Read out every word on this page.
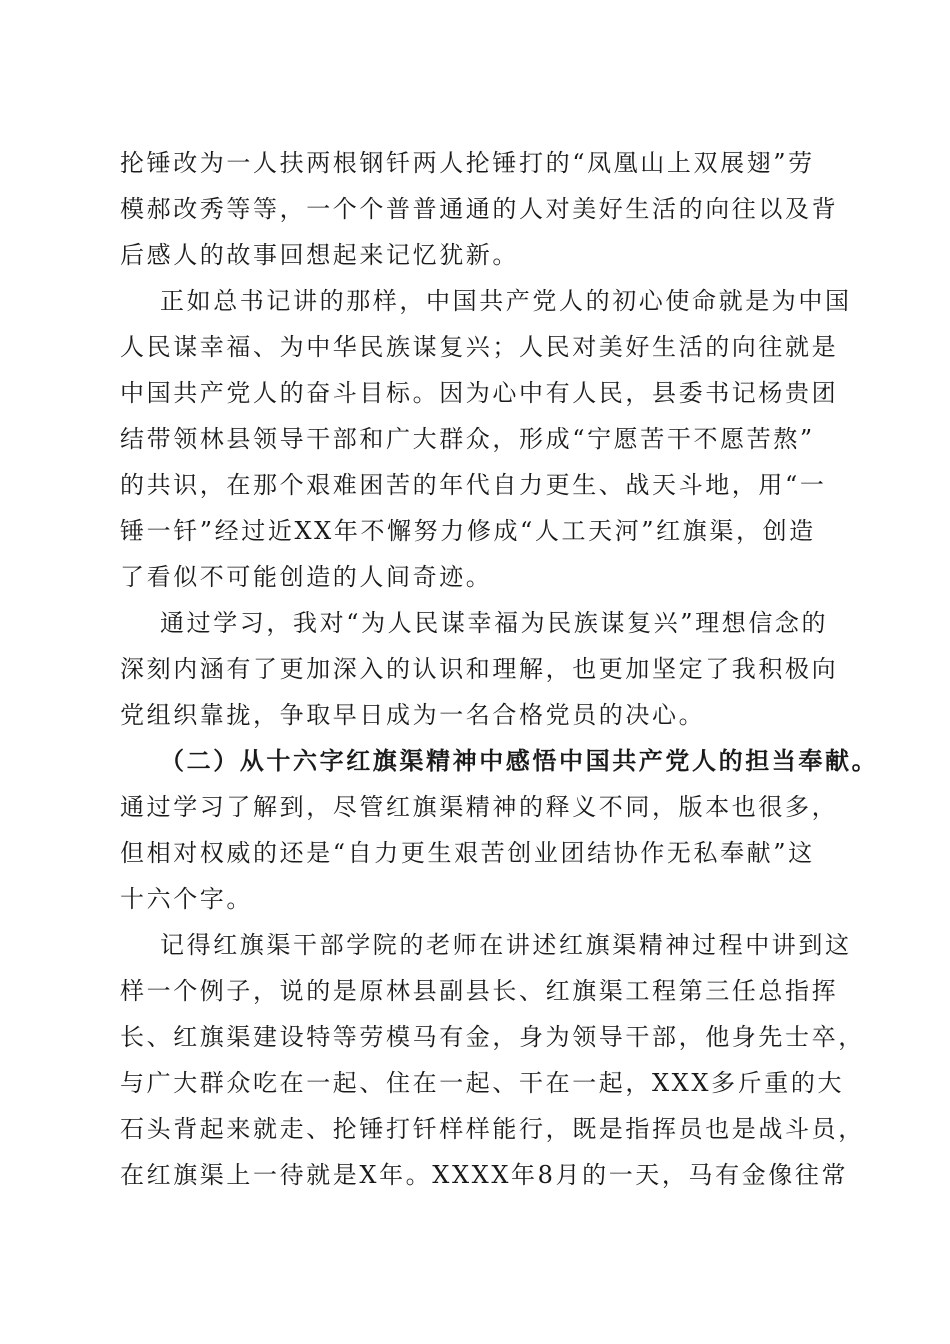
抡锤改为一人扶两根钢钎两人抡锤打的“凤凰山上双展翅”劳
模郝改秀等等，一个个普普通通的人对美好生活的向往以及背
后感人的故事回想起来记忆犹新。
正如总书记讲的那样，中国共产党人的初心使命就是为中国
人民谋幸福、为中华民族谋复兴；人民对美好生活的向往就是
中国共产党人的奋斗目标。因为心中有人民，县委书记杨贵团
结带领林县领导干部和广大群众，形成“宁愿苦干不愿苦熬”
的共识，在那个艰难困苦的年代自力更生、战天斗地，用“一
锤一钎”经过近XX年不懈努力修成“人工天河”红旗渠，创造
了看似不可能创造的人间奇迹。
通过学习，我对“为人民谋幸福为民族谋复兴”理想信念的
深刻内涵有了更加深入的认识和理解，也更加坚定了我积极向
党组织靠拢，争取早日成为一名合格党员的决心。
（二）从十六字红旗渠精神中感悟中国共产党人的担当奉献。
通过学习了解到，尽管红旗渠精神的释义不同，版本也很多，
但相对权威的还是“自力更生艰苦创业团结协作无私奉献”这
十六个字。
记得红旗渠干部学院的老师在讲述红旗渠精神过程中讲到这
样一个例子，说的是原林县副县长、红旗渠工程第三任总指挥
长、红旗渠建设特等劳模马有金，身为领导干部，他身先士卒，
与广大群众吃在一起、住在一起、干在一起，XXX多斤重的大
石头背起来就走、抡锤打钎样样能行，既是指挥员也是战斗员，
在红旗渠上一待就是X年。XXXX年8月的一天，马有金像往常
